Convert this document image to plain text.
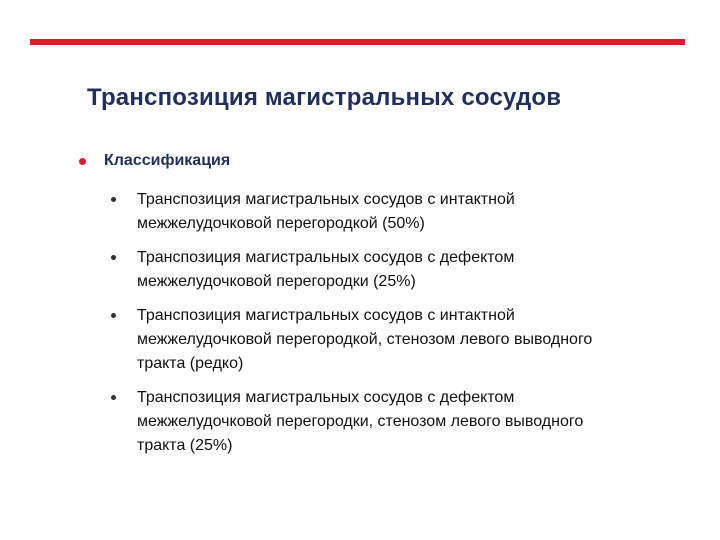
Транспозиция магистральных сосудов
Классификация
Транспозиция магистральных сосудов с интактной межжелудочковой перегородкой (50%)
Транспозиция магистральных сосудов с дефектом межжелудочковой перегородки (25%)
Транспозиция магистральных сосудов с интактной межжелудочковой перегородкой, стенозом левого выводного тракта (редко)
Транспозиция магистральных сосудов с дефектом межжелудочковой перегородки, стенозом левого выводного тракта (25%)
